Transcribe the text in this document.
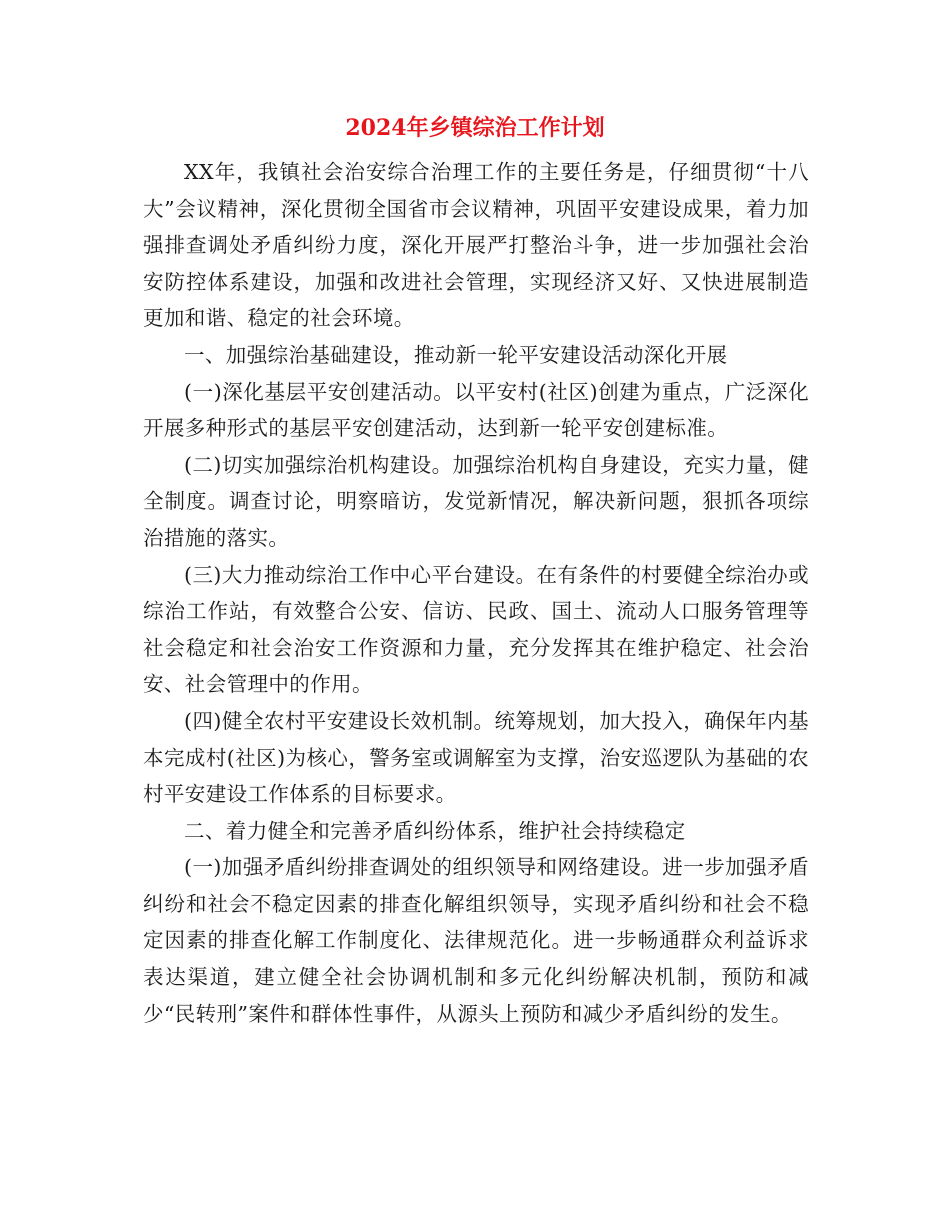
2024年乡镇综治工作计划

XX年，我镇社会治安综合治理工作的主要任务是，仔细贯彻“十八大”会议精神，深化贯彻全国省市会议精神，巩固平安建设成果，着力加强排查调处矛盾纠纷力度，深化开展严打整治斗争，进一步加强社会治安防控体系建设，加强和改进社会管理，实现经济又好、又快进展制造更加和谐、稳定的社会环境。

一、加强综治基础建设，推动新一轮平安建设活动深化开展

(一)深化基层平安创建活动。以平安村(社区)创建为重点，广泛深化开展多种形式的基层平安创建活动，达到新一轮平安创建标准。

(二)切实加强综治机构建设。加强综治机构自身建设，充实力量，健全制度。调查讨论，明察暗访，发觉新情况，解决新问题，狠抓各项综治措施的落实。

(三)大力推动综治工作中心平台建设。在有条件的村要健全综治办或综治工作站，有效整合公安、信访、民政、国土、流动人口服务管理等社会稳定和社会治安工作资源和力量，充分发挥其在维护稳定、社会治安、社会管理中的作用。

(四)健全农村平安建设长效机制。统筹规划，加大投入，确保年内基本完成村(社区)为核心，警务室或调解室为支撑，治安巡逻队为基础的农村平安建设工作体系的目标要求。

二、着力健全和完善矛盾纠纷体系，维护社会持续稳定

(一)加强矛盾纠纷排查调处的组织领导和网络建设。进一步加强矛盾纠纷和社会不稳定因素的排查化解组织领导，实现矛盾纠纷和社会不稳定因素的排查化解工作制度化、法律规范化。进一步畅通群众利益诉求表达渠道，建立健全社会协调机制和多元化纠纷解决机制，预防和减少“民转刑”案件和群体性事件，从源头上预防和减少矛盾纠纷的发生。
